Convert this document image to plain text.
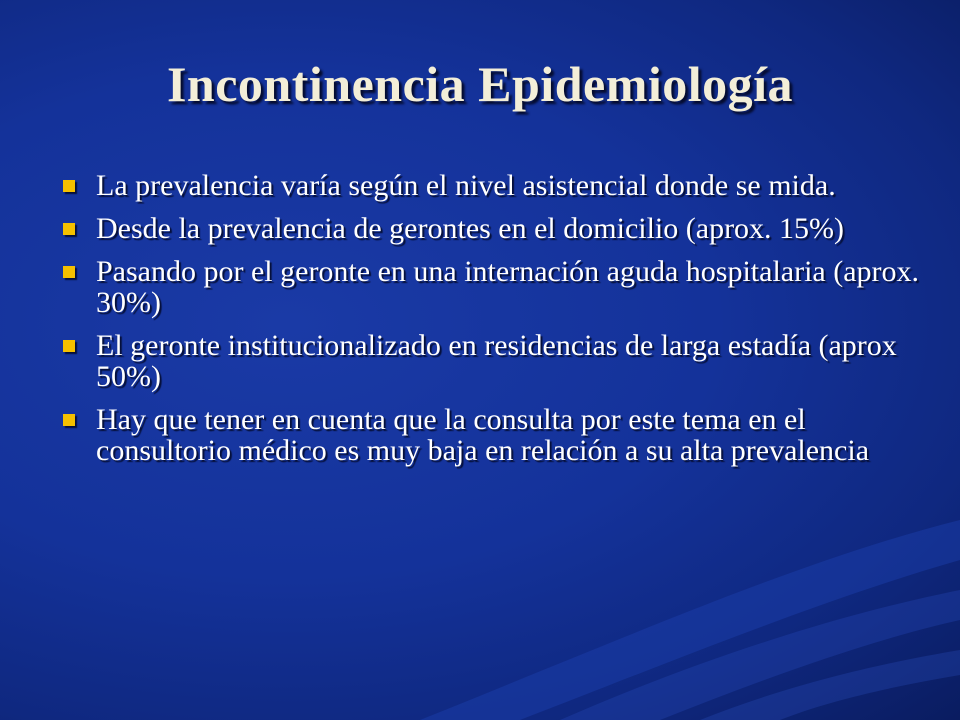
Incontinencia Epidemiología
La prevalencia varía según el nivel asistencial donde se mida.
Desde la prevalencia de gerontes en el domicilio (aprox. 15%)
Pasando por el geronte en una internación aguda hospitalaria (aprox. 30%)
El geronte institucionalizado en residencias de larga estadía (aprox 50%)
Hay que tener en cuenta que la consulta por este tema en el consultorio médico es muy baja en relación a su alta prevalencia
